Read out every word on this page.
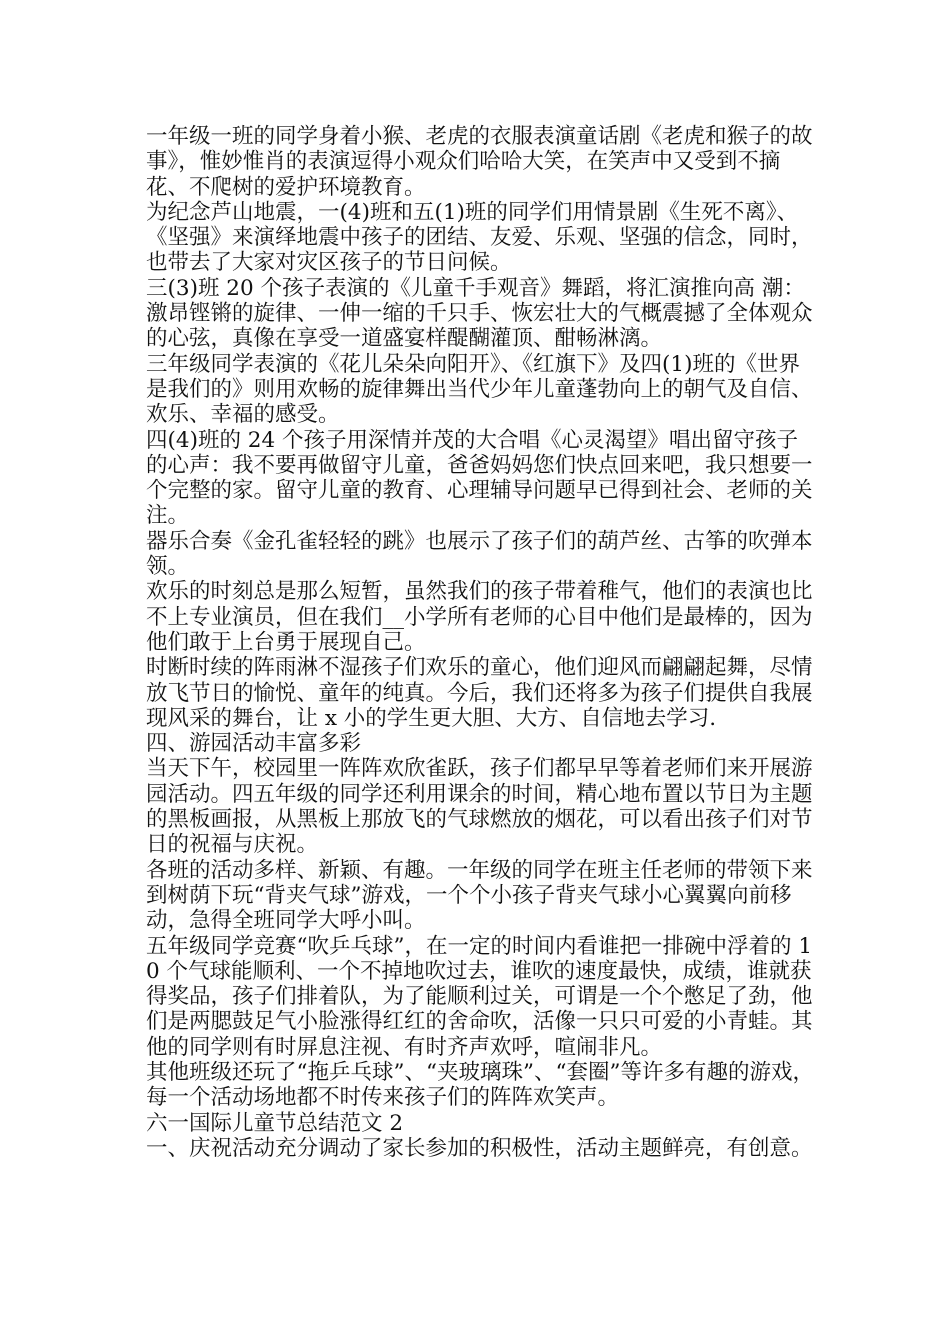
一年级一班的同学身着小猴、老虎的衣服表演童话剧《老虎和猴子的故事》，惟妙惟肖的表演逗得小观众们哈哈大笑，在笑声中又受到不摘花、不爬树的爱护环境教育。

为纪念芦山地震，一(4)班和五(1)班的同学们用情景剧《生死不离》、《坚强》来演绎地震中孩子的团结、友爱、乐观、坚强的信念，同时，也带去了大家对灾区孩子的节日问候。

三(3)班 20 个孩子表演的《儿童千手观音》舞蹈，将汇演推向高 潮：激昂铿锵的旋律、一伸一缩的千只手、恢宏壮大的气概震撼了全体观众的心弦，真像在享受一道盛宴样醍醐灌顶、酣畅淋漓。

三年级同学表演的《花儿朵朵向阳开》、《红旗下》及四(1)班的《世界是我们的》则用欢畅的旋律舞出当代少年儿童蓬勃向上的朝气及自信、欢乐、幸福的感受。

四(4)班的 24 个孩子用深情并茂的大合唱《心灵渴望》唱出留守孩子的心声：我不要再做留守儿童，爸爸妈妈您们快点回来吧，我只想要一个完整的家。留守儿童的教育、心理辅导问题早已得到社会、老师的关注。

器乐合奏《金孔雀轻轻的跳》也展示了孩子们的葫芦丝、古筝的吹弹本领。

欢乐的时刻总是那么短暂，虽然我们的孩子带着稚气，他们的表演也比不上专业演员，但在我们__小学所有老师的心目中他们是最棒的，因为他们敢于上台勇于展现自己。

时断时续的阵雨淋不湿孩子们欢乐的童心，他们迎风而翩翩起舞，尽情放飞节日的愉悦、童年的纯真。今后，我们还将多为孩子们提供自我展现风采的舞台，让 x 小的学生更大胆、大方、自信地去学习.

四、游园活动丰富多彩

当天下午，校园里一阵阵欢欣雀跃，孩子们都早早等着老师们来开展游园活动。四五年级的同学还利用课余的时间，精心地布置以节日为主题的黑板画报，从黑板上那放飞的气球燃放的烟花，可以看出孩子们对节日的祝福与庆祝。

各班的活动多样、新颖、有趣。一年级的同学在班主任老师的带领下来到树荫下玩“背夹气球”游戏，一个个小孩子背夹气球小心翼翼向前移动，急得全班同学大呼小叫。

五年级同学竞赛“吹乒乓球”，在一定的时间内看谁把一排碗中浮着的 10 个气球能顺利、一个不掉地吹过去，谁吹的速度最快，成绩，谁就获得奖品，孩子们排着队，为了能顺利过关，可谓是一个个憋足了劲，他们是两腮鼓足气小脸涨得红红的舍命吹，活像一只只可爱的小青蛙。其他的同学则有时屏息注视、有时齐声欢呼，喧闹非凡。

其他班级还玩了“拖乒乓球”、“夹玻璃珠”、“套圈”等许多有趣的游戏，每一个活动场地都不时传来孩子们的阵阵欢笑声。

六一国际儿童节总结范文 2

一、庆祝活动充分调动了家长参加的积极性，活动主题鲜亮，有创意。
